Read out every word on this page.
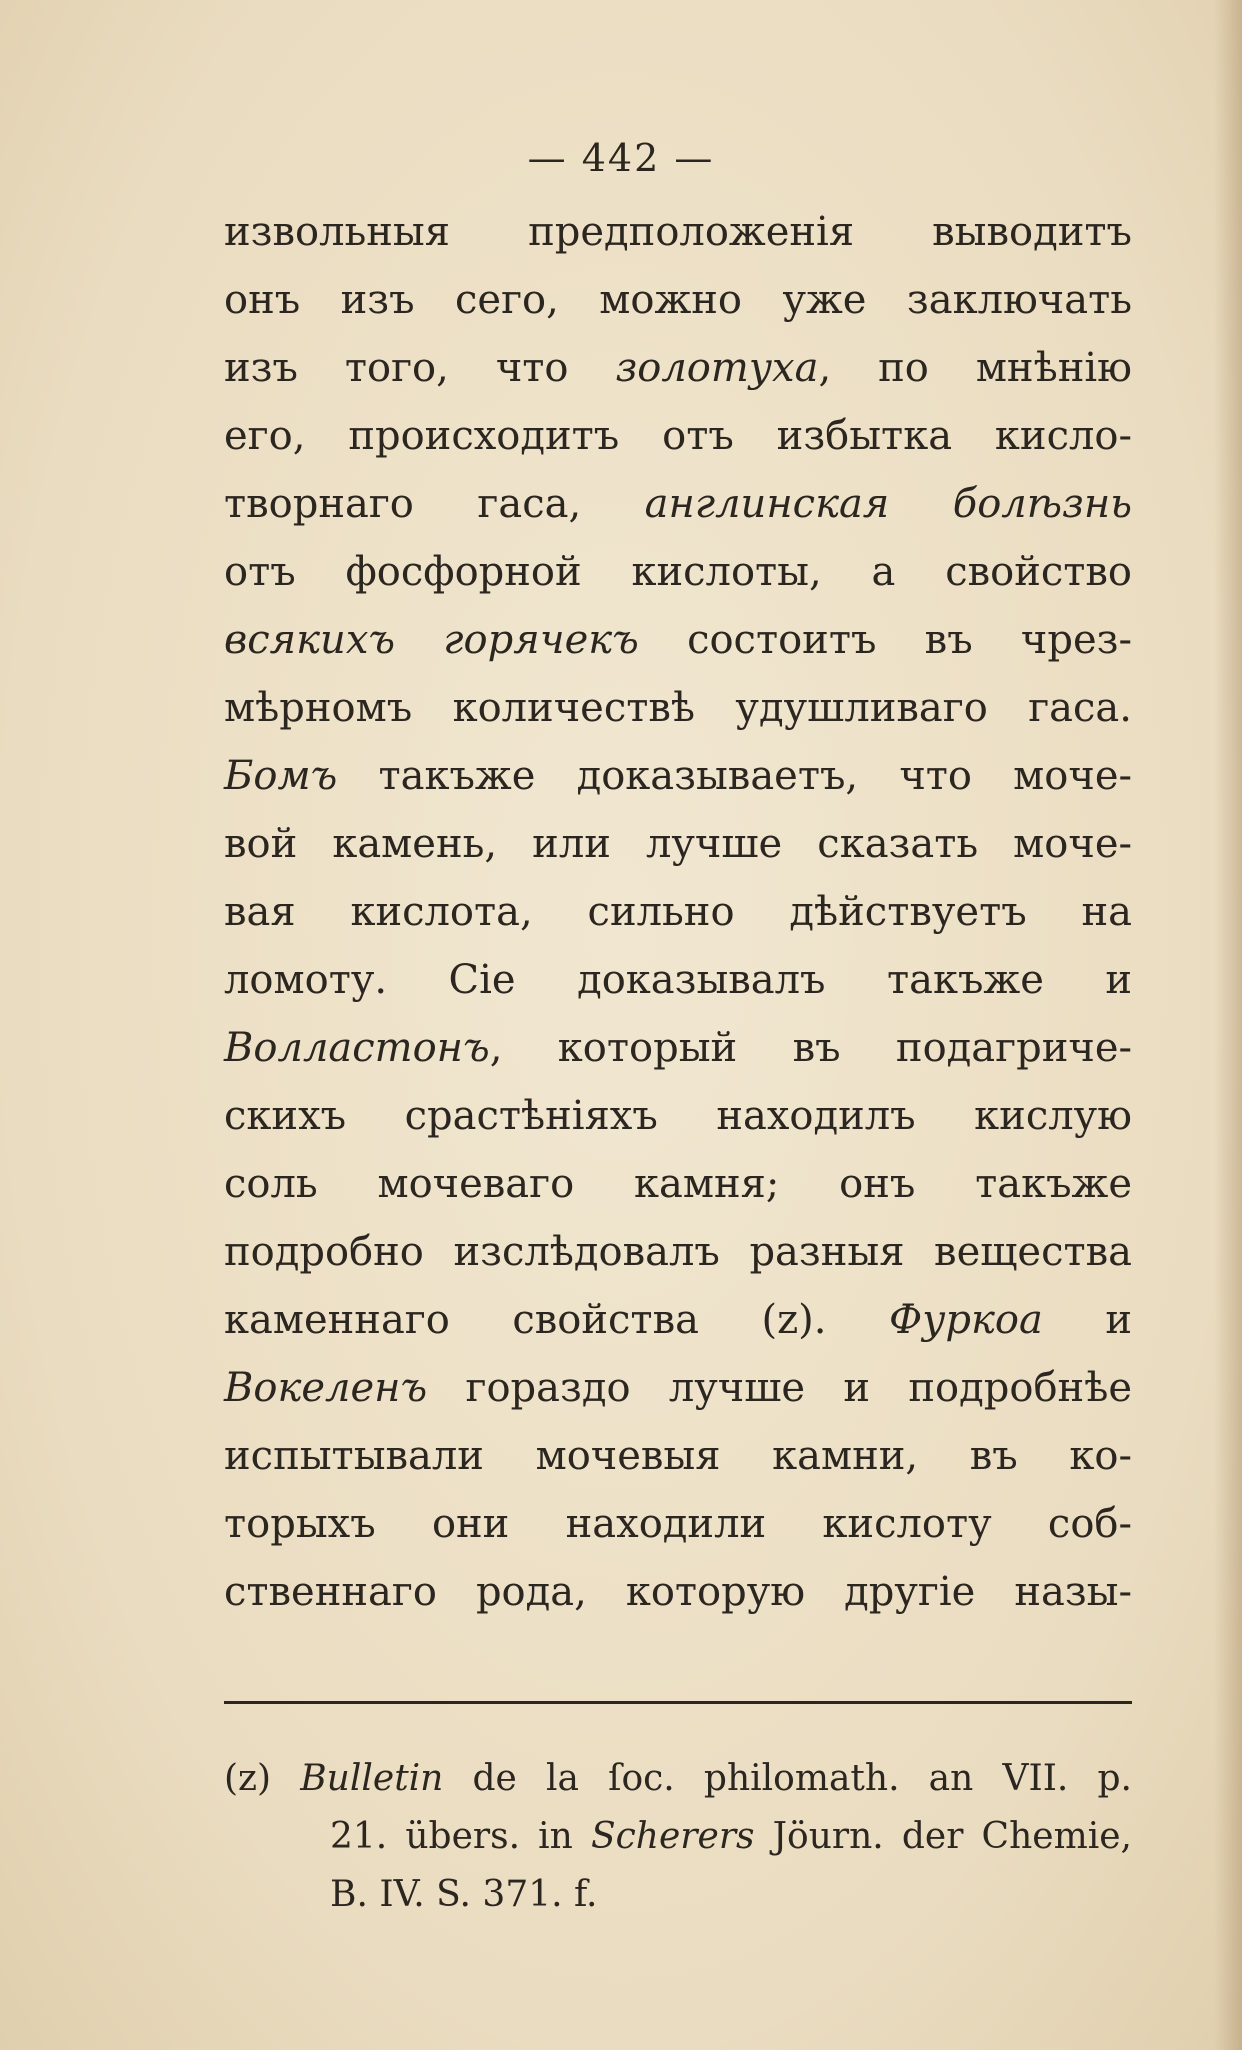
— 442 —
извольныя предположенія выводитъ
онъ изъ сего, можно уже заключать
изъ того, что золотуха, по мнѣнію
его, происходитъ отъ избытка кисло-
творнаго гаса, англинская болѣзнь
отъ фосфорной кислоты, а свойство
всякихъ горячекъ состоитъ въ чрез-
мѣрномъ количествѣ удушливаго гаса.
Бомъ такъже доказываетъ, что моче-
вой камень, или лучше сказать моче-
вая кислота, сильно дѣйствуетъ на
ломоту. Сіе доказывалъ такъже и
Волластонъ, который въ подагриче-
скихъ срастѣніяхъ находилъ кислую
соль мочеваго камня; онъ такъже
подробно изслѣдовалъ разныя вещества
каменнаго свойства (z). Фуркоа и
Вокеленъ гораздо лучше и подробнѣе
испытывали мочевыя камни, въ ко-
торыхъ они находили кислоту соб-
ственнаго рода, которую другіе назы-
(z) Bulletin de la ſoc. philomath. an VII. p.
21. übers. in Scherers Jöurn. der Chemie,
B. IV. S. 371. f.
